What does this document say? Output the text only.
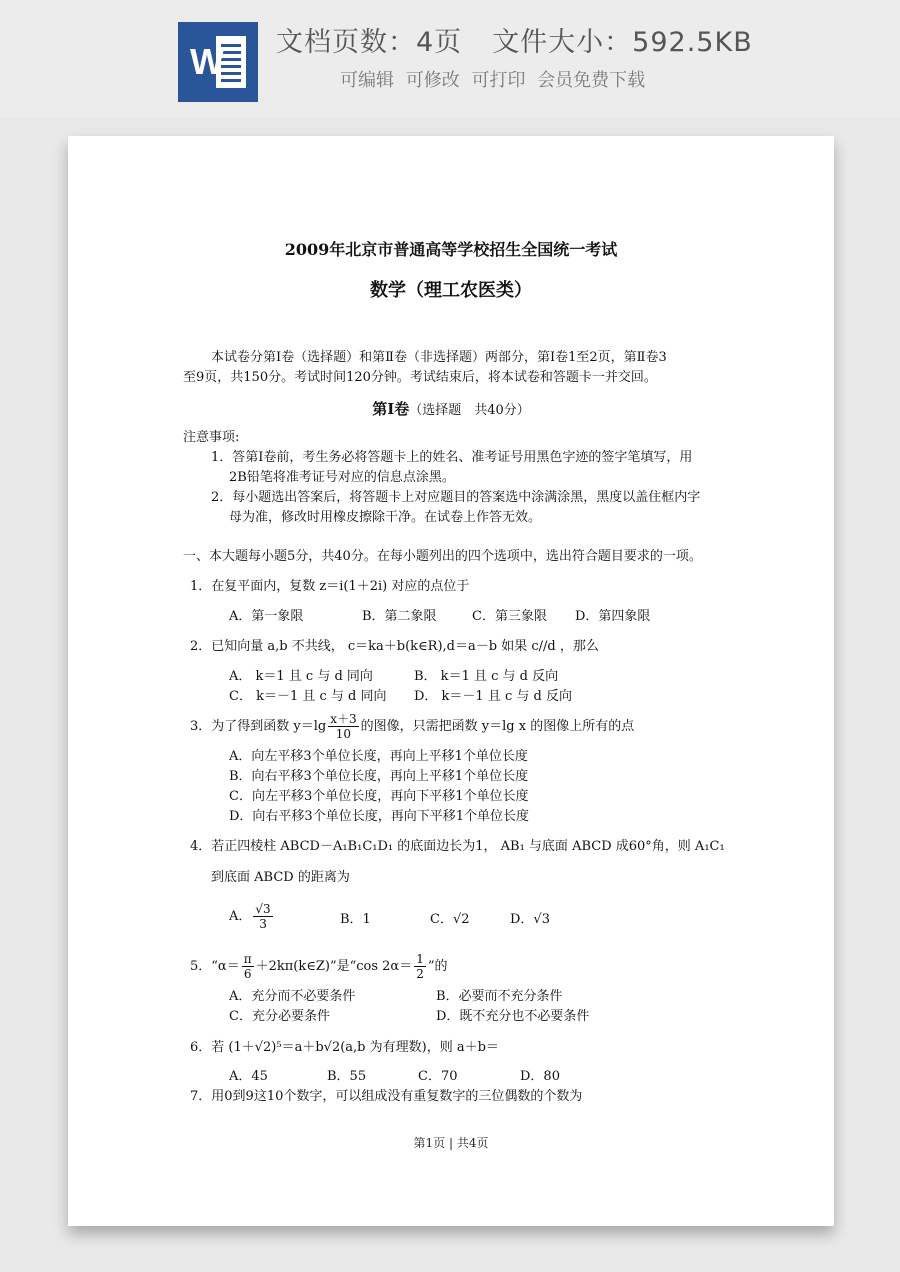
W 文档页数：4页 文件大小：592.5KB
可编辑 可修改 可打印 会员免费下载
2009年北京市普通高等学校招生全国统一考试
数学（理工农医类）
本试卷分第Ⅰ卷（选择题）和第Ⅱ卷（非选择题）两部分，第Ⅰ卷1至2页，第Ⅱ卷3
至9页，共150分。考试时间120分钟。考试结束后，将本试卷和答题卡一并交回。
第Ⅰ卷（选择题　共40分）
注意事项:
1．答第Ⅰ卷前，考生务必将答题卡上的姓名、准考证号用黑色字迹的签字笔填写，用
2B铅笔将准考证号对应的信息点涂黑。
2．每小题选出答案后，将答题卡上对应题目的答案选中涂满涂黑，黑度以盖住框内字
母为准，修改时用橡皮擦除干净。在试卷上作答无效。
一、本大题每小题5分，共40分。在每小题列出的四个选项中，选出符合题目要求的一项。
1．在复平面内，复数 z＝i(1＋2i) 对应的点位于
A．第一象限	B．第二象限	C．第三象限 D．第四象限
2．已知向量 a,b 不共线， c＝ka＋b(k∈R),d＝a－b 如果 c//d ，那么
A． k＝1 且 c 与 d 同向	B． k＝1 且 c 与 d 反向
C． k＝－1 且 c 与 d 同向 D． k＝－1 且 c 与 d 反向
3．为了得到函数 $y=\lg \frac{x+3}{10}$ 的图像，只需把函数 y＝lg x 的图像上所有的点
A．向左平移3个单位长度，再向上平移1个单位长度
B．向右平移3个单位长度，再向上平移1个单位长度
C．向左平移3个单位长度，再向下平移1个单位长度
D．向右平移3个单位长度，再向下平移1个单位长度
4．若正四棱柱 ABCD－A₁B₁C₁D₁ 的底面边长为1， AB₁ 与底面 ABCD 成60°角，则 A₁C₁
到底面 ABCD 的距离为
A． $\frac{√3}{3}$	B．1	C．√2	D．√3
5．“$\alpha= \frac{\pi}{6}$ ＋2kπ(k∈Z)”是“cos $2\alpha= \frac{1}{2}$ ”的
A．充分而不必要条件	B．必要而不充分条件
C．充分必要条件	D．既不充分也不必要条件
6．若 (1＋√2)⁵＝a＋b√2(a,b 为有理数)，则 a＋b＝
A．45	B．55	C．70	D．80
7．用0到9这10个数字，可以组成没有重复数字的三位偶数的个数为
第1页 | 共4页
